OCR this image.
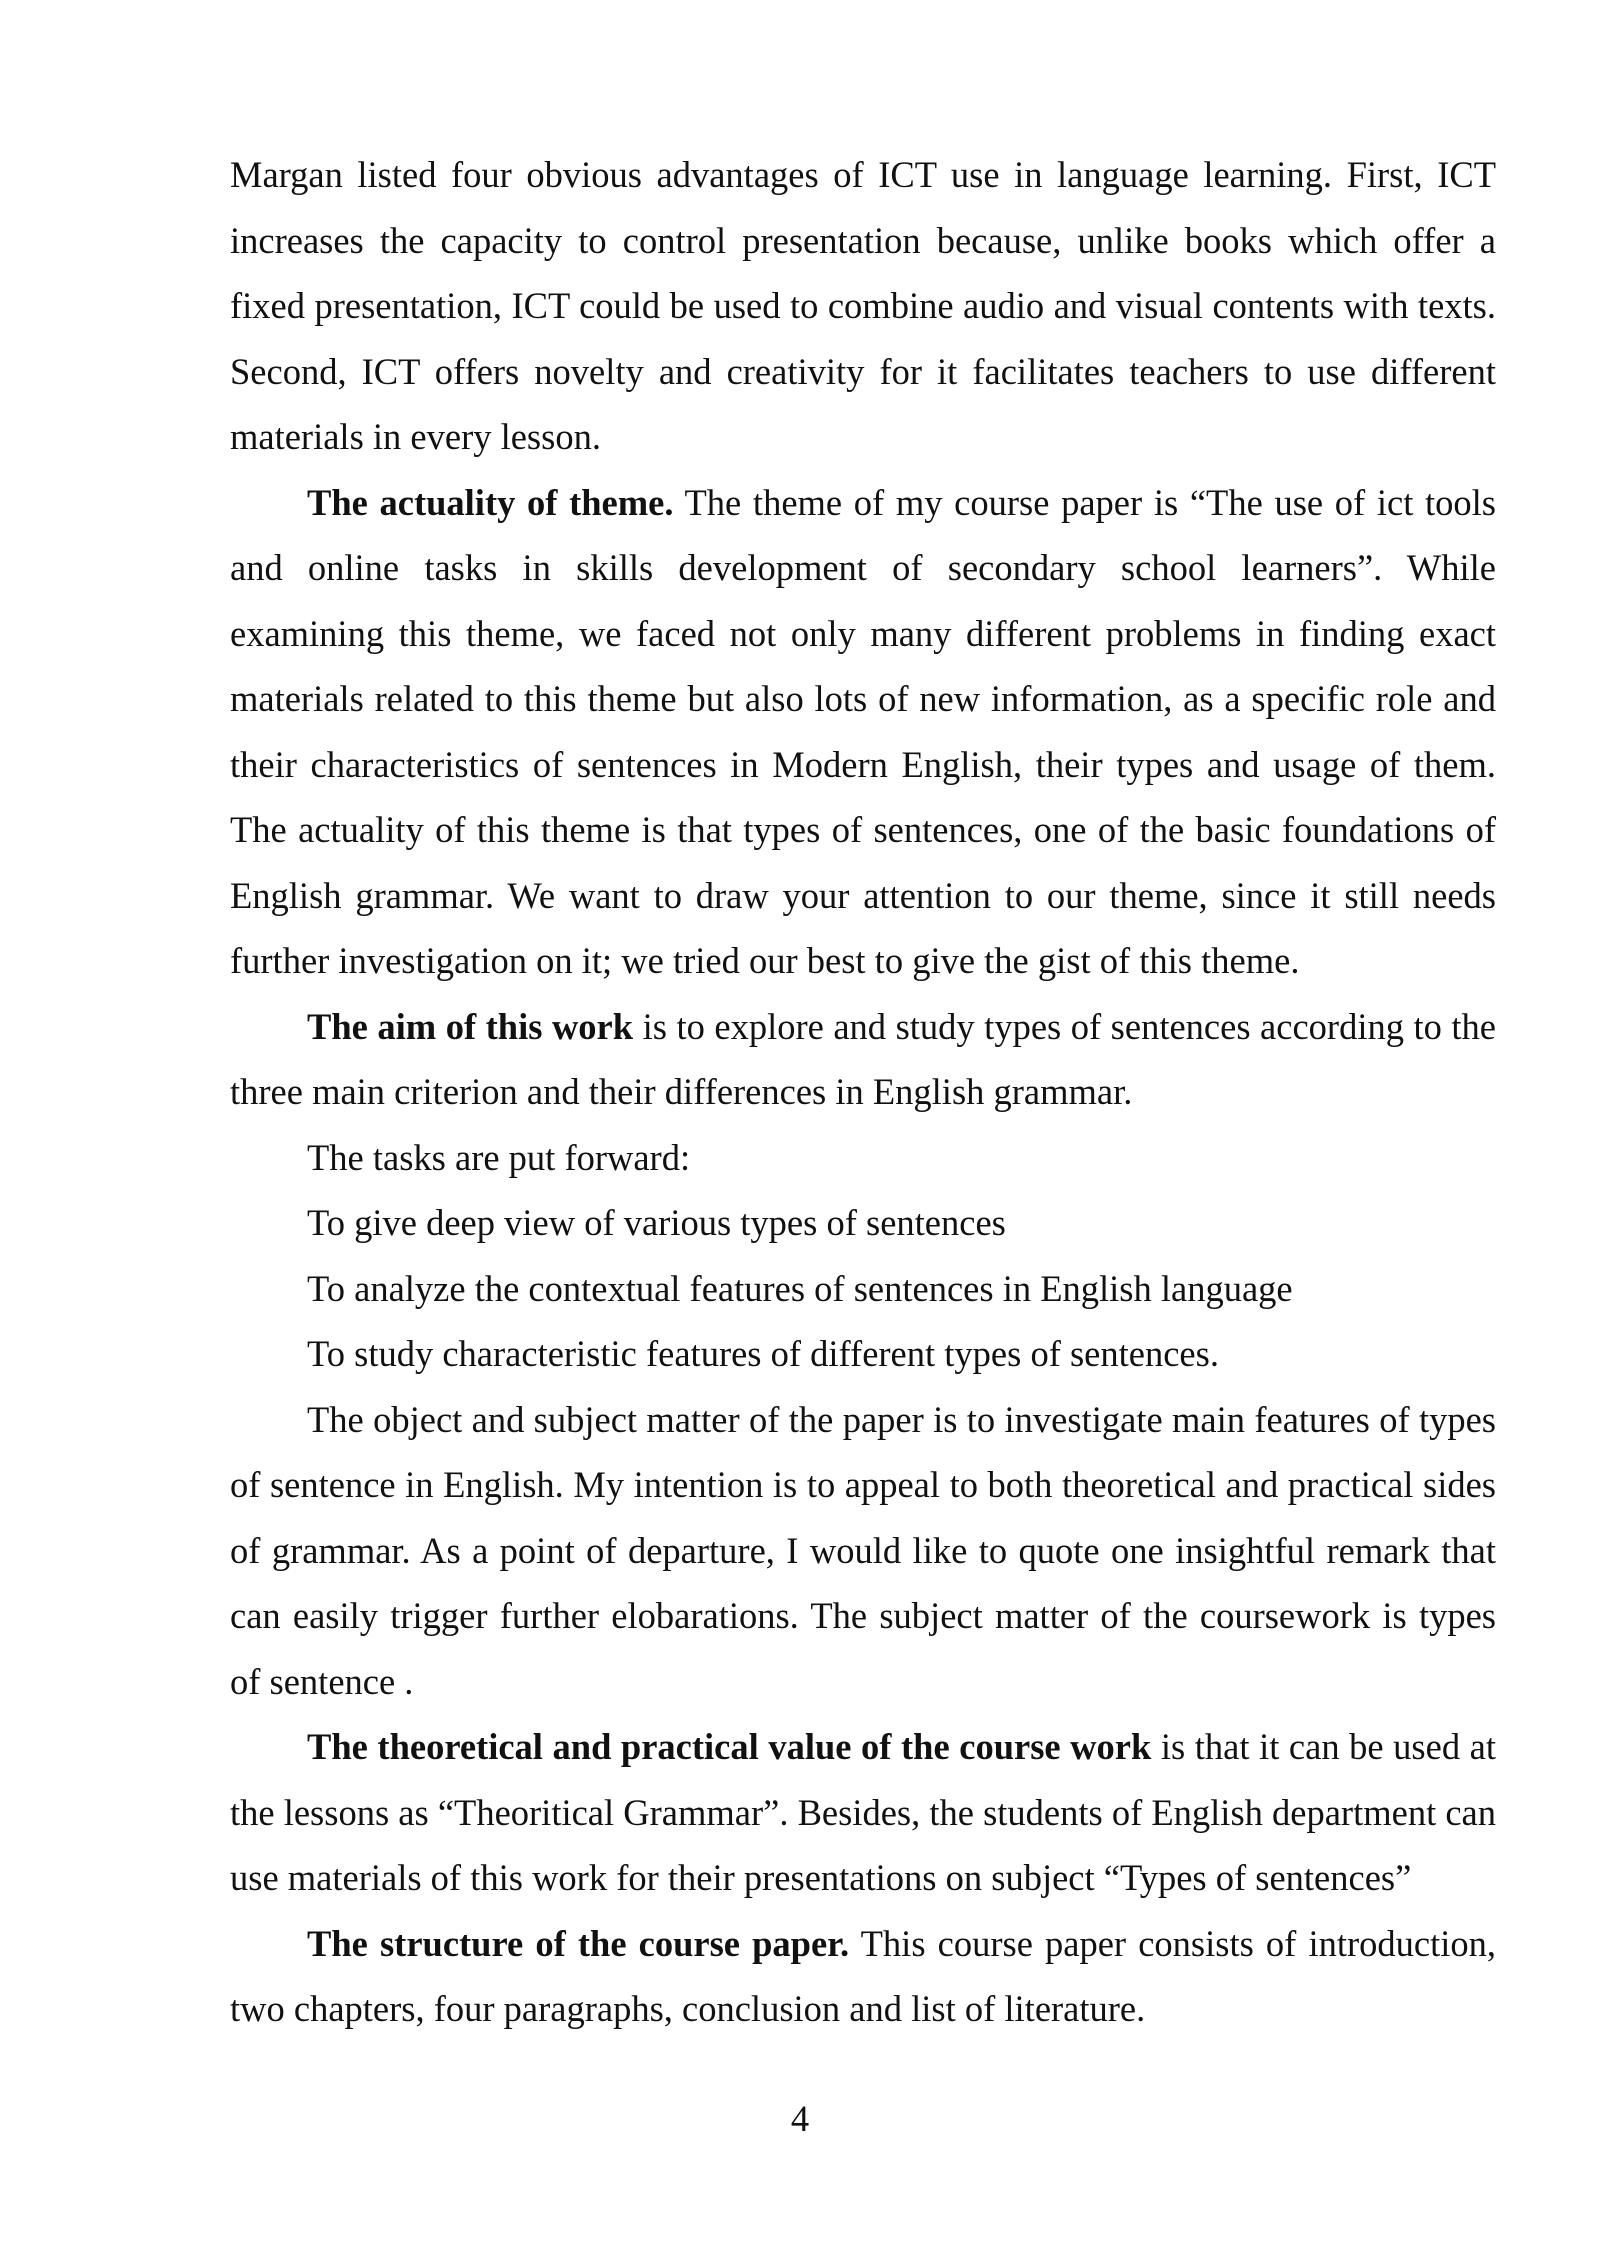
Margan listed four obvious advantages of ICT use in language learning. First, ICT increases the capacity to control presentation because, unlike books which offer a fixed presentation, ICT could be used to combine audio and visual contents with texts. Second, ICT offers novelty and creativity for it facilitates teachers to use different materials in every lesson.

The actuality of theme. The theme of my course paper is “The use of ict tools and online tasks in skills development of secondary school learners”. While examining this theme, we faced not only many different problems in finding exact materials related to this theme but also lots of new information, as a specific role and their characteristics of sentences in Modern English, their types and usage of them. The actuality of this theme is that types of sentences, one of the basic foundations of English grammar. We want to draw your attention to our theme, since it still needs further investigation on it; we tried our best to give the gist of this theme.

The aim of this work is to explore and study types of sentences according to the three main criterion and their differences in English grammar.

The tasks are put forward:

To give deep view of various types of sentences

To analyze the contextual features of sentences in English language

To study characteristic features of different types of sentences.

The object and subject matter of the paper is to investigate main features of types of sentence in English. My intention is to appeal to both theoretical and practical sides of grammar. As a point of departure, I would like to quote one insightful remark that can easily trigger further elobarations. The subject matter of the coursework is types of sentence .

The theoretical and practical value of the course work is that it can be used at the lessons as “Theoritical Grammar”. Besides, the students of English department can use materials of this work for their presentations on subject “Types of sentences”

The structure of the course paper. This course paper consists of introduction, two chapters, four paragraphs, conclusion and list of literature.

4
